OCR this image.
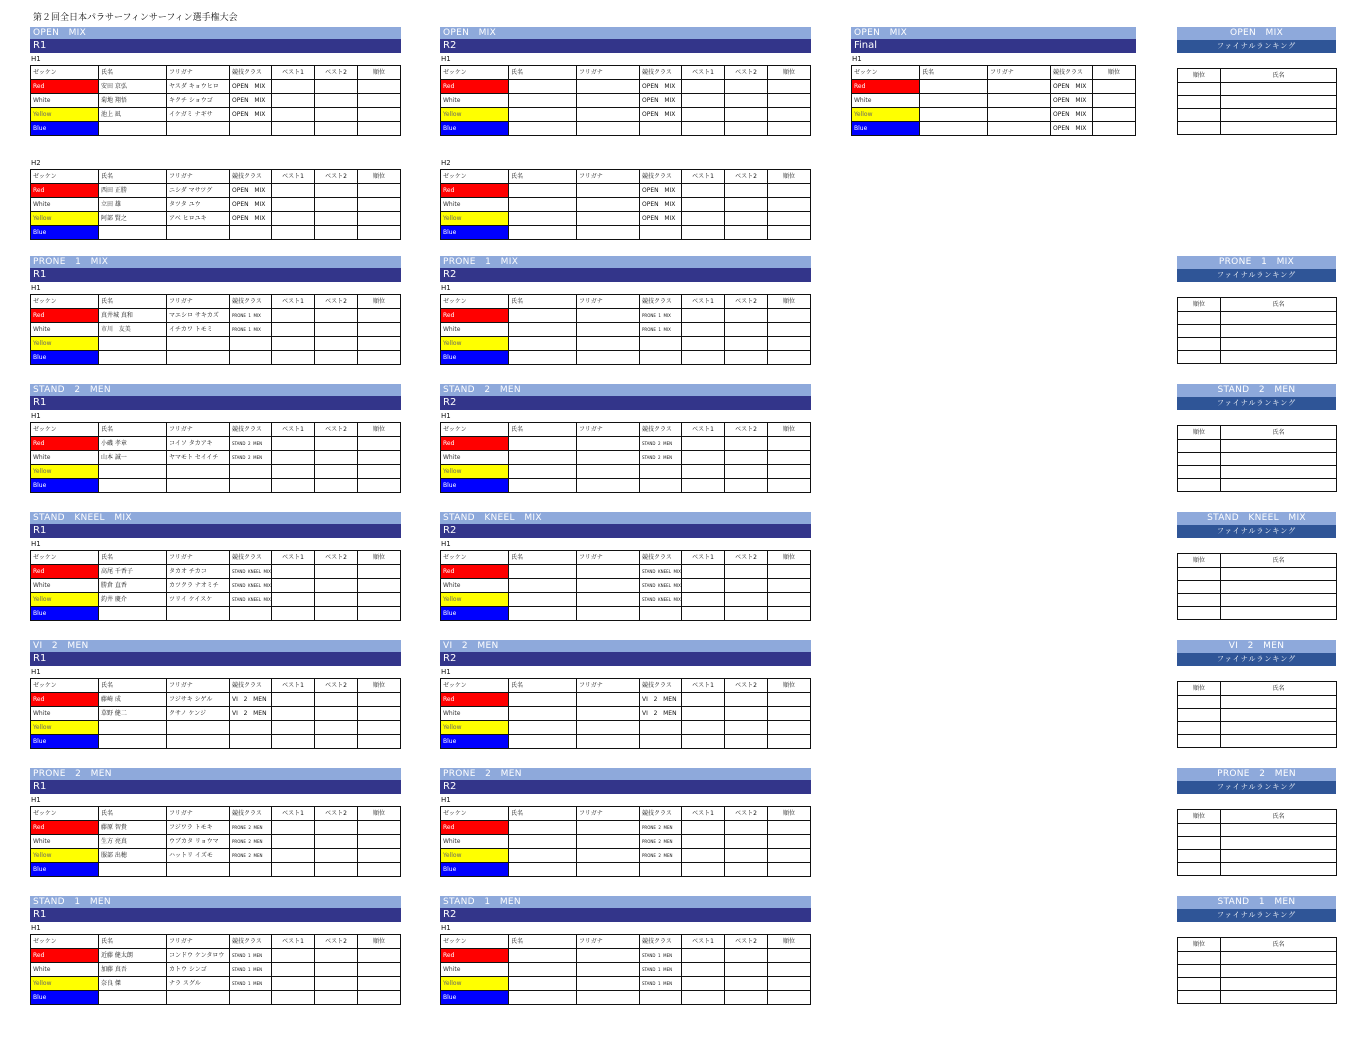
第２回全日本パラサーフィンサーフィン選手権大会
OPEN   MIX
R1
H1
ゼッケン	氏名	フリガナ	競技クラス	ベスト1	ベスト2	順位
Red	安田 京弘	ヤスダ キョウヒロ	OPEN   MIX			
White	菊地 翔悟	キクチ ショウゴ	OPEN   MIX			
Yellow	池上 凪	イケガミ ナギサ	OPEN   MIX			
Blue						
OPEN   MIX
R2
H1
ゼッケン	氏名	フリガナ	競技クラス	ベスト1	ベスト2	順位
Red			OPEN   MIX			
White			OPEN   MIX			
Yellow			OPEN   MIX			
Blue						
H2
ゼッケン	氏名	フリガナ	競技クラス	ベスト1	ベスト2	順位
Red	西田 正勝	ニシダ マサツグ	OPEN   MIX			
White	立田 雄	タツタ ユウ	OPEN   MIX			
Yellow	阿部 賢之	アベ ヒロユキ	OPEN   MIX			
Blue						
H2
ゼッケン	氏名	フリガナ	競技クラス	ベスト1	ベスト2	順位
Red			OPEN   MIX			
White			OPEN   MIX			
Yellow			OPEN   MIX			
Blue						
OPEN   MIX
Final
H1
ゼッケン	氏名	フリガナ	競技クラス	順位
Red			OPEN   MIX	
White			OPEN   MIX	
Yellow			OPEN   MIX	
Blue			OPEN   MIX	
OPEN   MIX
ファイナルランキング
順位	氏名

PRONE   1   MIX
R1
H1
ゼッケン	氏名	フリガナ	競技クラス	ベスト1	ベスト2	順位
Red	真井城 真和	マエシロ サキカズ	PRONE  1  MIX			
White	市川   友美	イチカワ トモミ	PRONE  1  MIX			
Yellow						
Blue						
PRONE   1   MIX
R2
H1
ゼッケン	氏名	フリガナ	競技クラス	ベスト1	ベスト2	順位
Red			PRONE  1  MIX			
White			PRONE  1  MIX			
Yellow						
Blue						
PRONE   1   MIX
ファイナルランキング
順位	氏名

STAND   2   MEN
R1
H1
ゼッケン	氏名	フリガナ	競技クラス	ベスト1	ベスト2	順位
Red	小磯 孝章	コイソ タカアキ	STAND  2  MEN			
White	山本 誠一	ヤマモト セイイチ	STAND  2  MEN			
Yellow						
Blue						
STAND   2   MEN
R2
H1
ゼッケン	氏名	フリガナ	競技クラス	ベスト1	ベスト2	順位
Red			STAND  2  MEN			
White			STAND  2  MEN			
Yellow						
Blue						
STAND   2   MEN
ファイナルランキング
順位	氏名

STAND   KNEEL   MIX
R1
H1
ゼッケン	氏名	フリガナ	競技クラス	ベスト1	ベスト2	順位
Red	高尾 千香子	タカオ チカコ	STAND  KNEEL  MIX			
White	勝倉 直香	カツクラ ナオミチ	STAND  KNEEL  MIX			
Yellow	釣井 慶介	ツリイ ケイスケ	STAND  KNEEL  MIX			
Blue						
STAND   KNEEL   MIX
R2
H1
ゼッケン	氏名	フリガナ	競技クラス	ベスト1	ベスト2	順位
Red			STAND  KNEEL  MIX			
White			STAND  KNEEL  MIX			
Yellow			STAND  KNEEL  MIX			
Blue						
STAND   KNEEL   MIX
ファイナルランキング
順位	氏名

VI   2   MEN
R1
H1
ゼッケン	氏名	フリガナ	競技クラス	ベスト1	ベスト2	順位
Red	藤崎 成	フジサキ シゲル	VI   2   MEN			
White	草野 健二	クサノ ケンジ	VI   2   MEN			
Yellow						
Blue						
VI   2   MEN
R2
H1
ゼッケン	氏名	フリガナ	競技クラス	ベスト1	ベスト2	順位
Red			VI   2   MEN			
White			VI   2   MEN			
Yellow						
Blue						
VI   2   MEN
ファイナルランキング
順位	氏名

PRONE   2   MEN
R1
H1
ゼッケン	氏名	フリガナ	競技クラス	ベスト1	ベスト2	順位
Red	藤原 智貴	フジワラ トモキ	PRONE  2  MEN			
White	生方 亮真	ウブカタ リョウマ	PRONE  2  MEN			
Yellow	服部 出穂	ハットリ イズモ	PRONE  2  MEN			
Blue						
PRONE   2   MEN
R2
H1
ゼッケン	氏名	フリガナ	競技クラス	ベスト1	ベスト2	順位
Red			PRONE  2  MEN			
White			PRONE  2  MEN			
Yellow			PRONE  2  MEN			
Blue						
PRONE   2   MEN
ファイナルランキング
順位	氏名

STAND   1   MEN
R1
H1
ゼッケン	氏名	フリガナ	競技クラス	ベスト1	ベスト2	順位
Red	近藤 健太朗	コンドウ ケンタロウ	STAND  1  MEN			
White	加藤 真吾	カトウ シンゴ	STAND  1  MEN			
Yellow	奈良 傑	ナラ スグル	STAND  1  MEN			
Blue						
STAND   1   MEN
R2
H1
ゼッケン	氏名	フリガナ	競技クラス	ベスト1	ベスト2	順位
Red			STAND  1  MEN			
White			STAND  1  MEN			
Yellow			STAND  1  MEN			
Blue						
STAND   1   MEN
ファイナルランキング
順位	氏名
